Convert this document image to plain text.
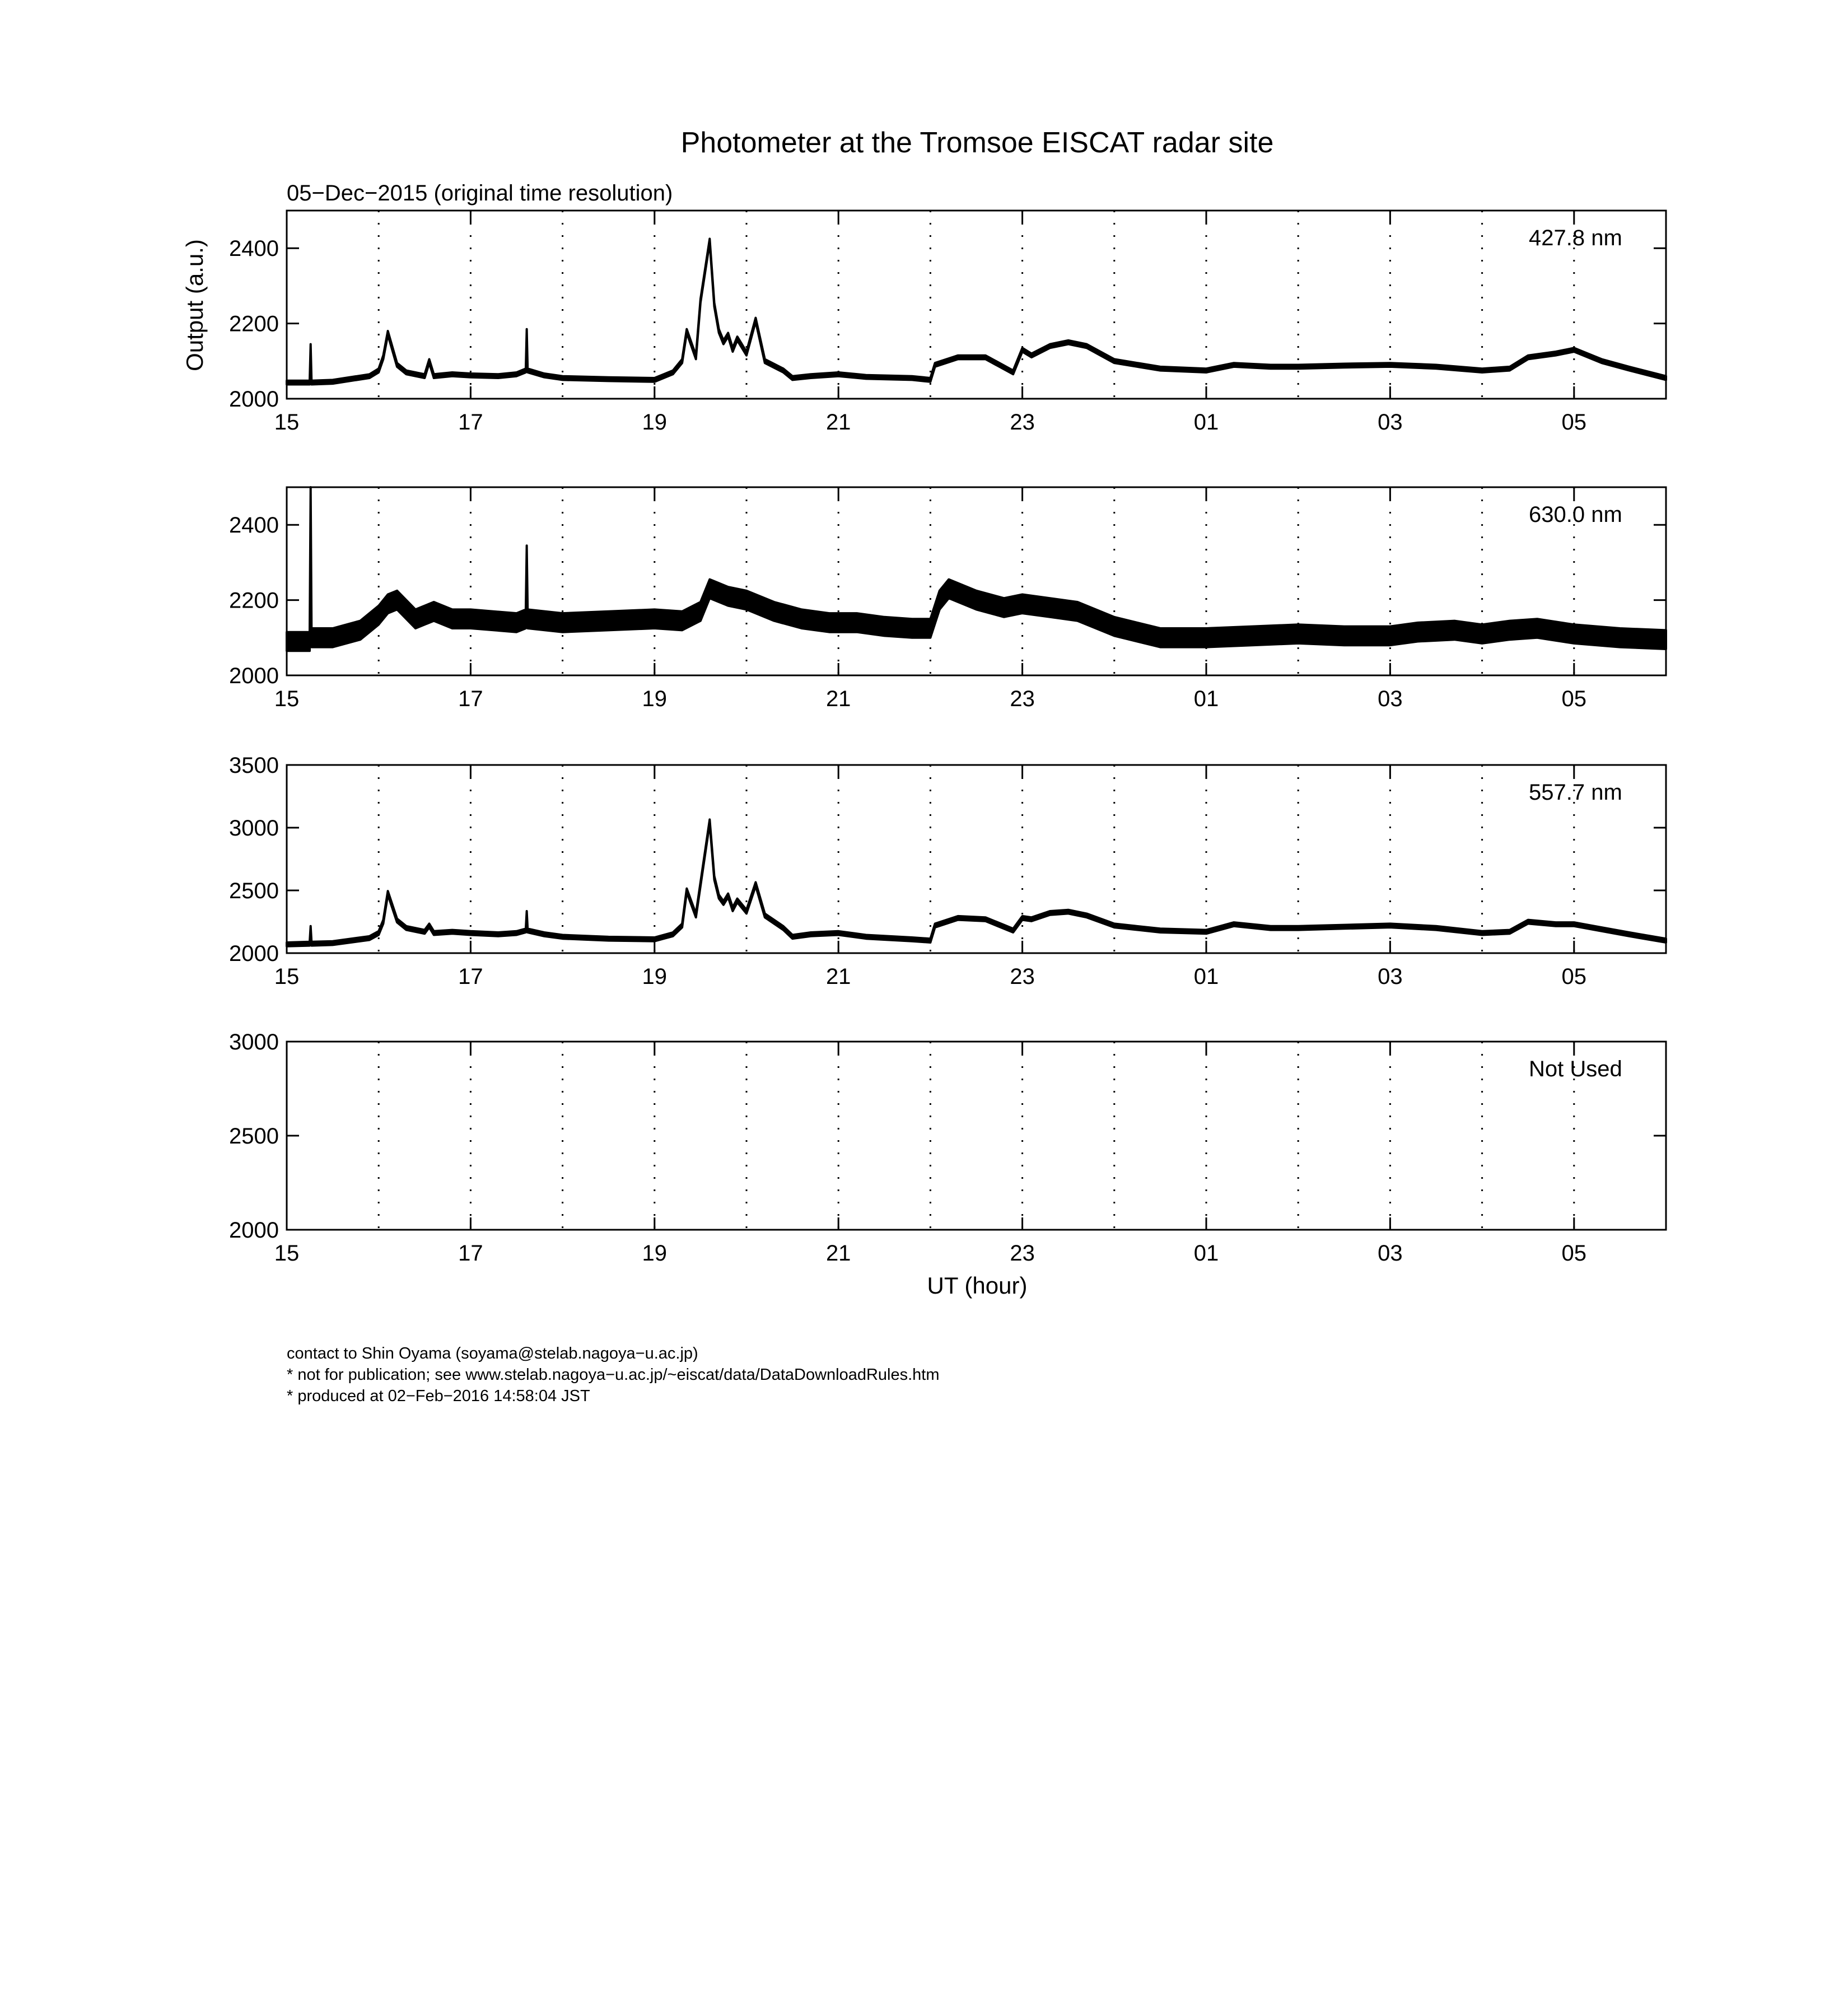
Photometer at the Tromsoe EISCAT radar site
05−Dec−2015 (original time resolution)
Output (a.u.)
UT (hour)
15	17	19	21	23	01	03	05
2000
2200
2400	427.8 nm
15	17	19	21	23	01	03	05
2000
2200
2400	630.0 nm
15	17	19	21	23	01	03	05
2000
2500
3000
3500
557.7 nm
15	17	19	21	23	01	03	05
2000
2500
3000
Not Used
contact to Shin Oyama (soyama@stelab.nagoya−u.ac.jp)
* not for publication; see www.stelab.nagoya−u.ac.jp/~eiscat/data/DataDownloadRules.htm
* produced at 02−Feb−2016 14:58:04 JST
